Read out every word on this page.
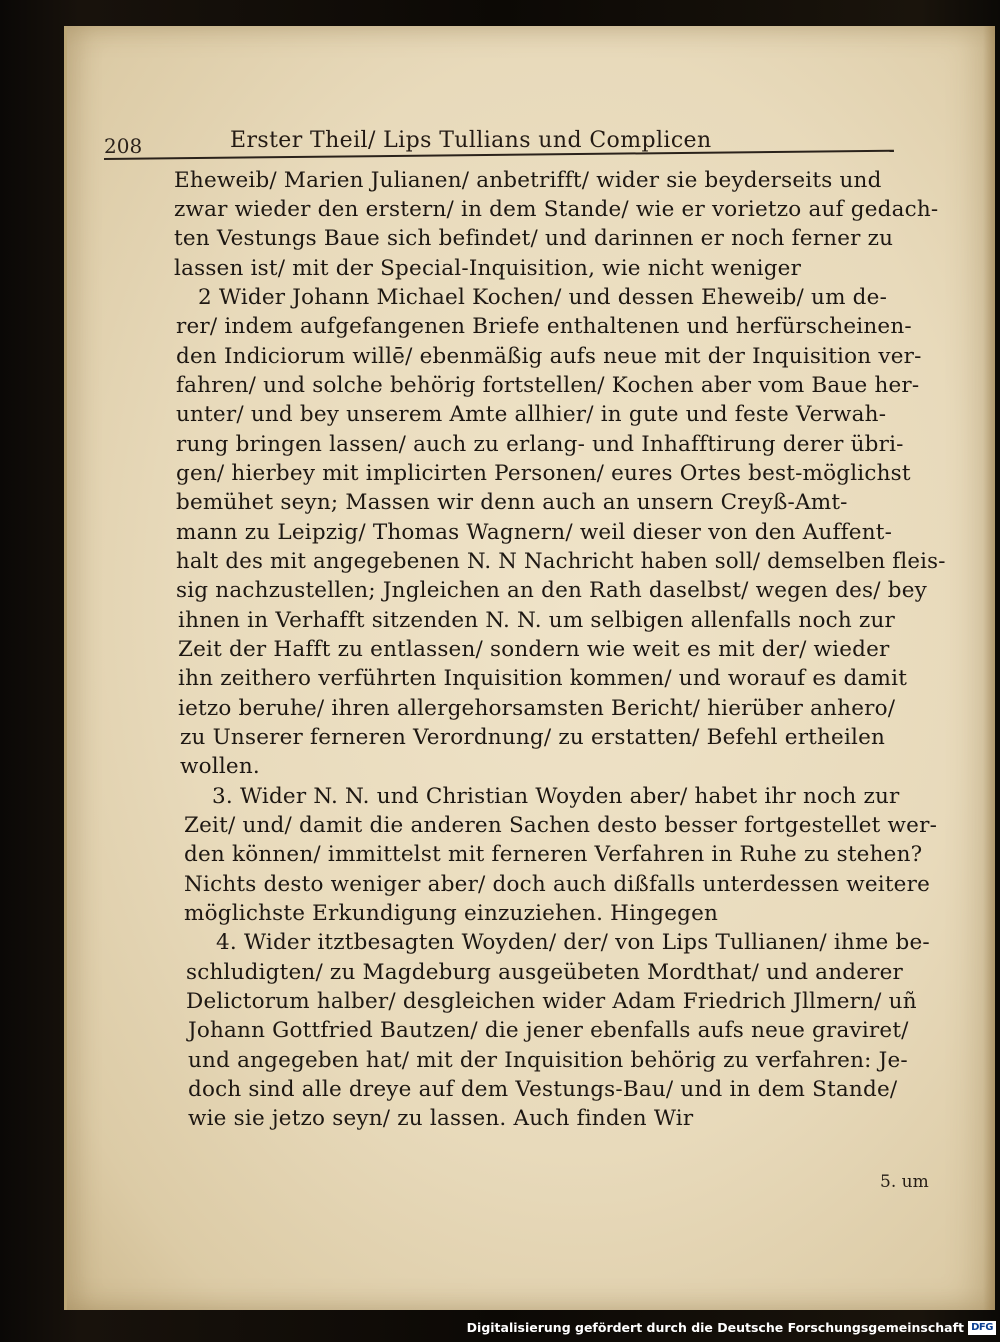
208	Erster Theil/ Lips Tullians und Complicen
Eheweib/ Marien Julianen/ anbetrifft/ wider sie beyderseits und
zwar wieder den erstern/ in dem Stande/ wie er vorietzo auf gedach-
ten Vestungs Baue sich befindet/ und darinnen er noch ferner zu
lassen ist/ mit der Special-Inquisition, wie nicht weniger
2 Wider Johann Michael Kochen/ und dessen Eheweib/ um de-
rer/ indem aufgefangenen Briefe enthaltenen und herfürscheinen-
den Indiciorum willē/ ebenmäßig aufs neue mit der Inquisition ver-
fahren/ und solche behörig fortstellen/ Kochen aber vom Baue her-
unter/ und bey unserem Amte allhier/ in gute und feste Verwah-
rung bringen lassen/ auch zu erlang- und Inhafftirung derer übri-
gen/ hierbey mit implicirten Personen/ eures Ortes best-möglichst
bemühet seyn; Massen wir denn auch an unsern Creyß-Amt-
mann zu Leipzig/ Thomas Wagnern/ weil dieser von den Auffent-
halt des mit angegebenen N. N Nachricht haben soll/ demselben fleis-
sig nachzustellen; Jngleichen an den Rath daselbst/ wegen des/ bey
ihnen in Verhafft sitzenden N. N. um selbigen allenfalls noch zur
Zeit der Hafft zu entlassen/ sondern wie weit es mit der/ wieder
ihn zeithero verführten Inquisition kommen/ und worauf es damit
ietzo beruhe/ ihren allergehorsamsten Bericht/ hierüber anhero/
zu Unserer ferneren Verordnung/ zu erstatten/ Befehl ertheilen
wollen.
3. Wider N. N. und Christian Woyden aber/ habet ihr noch zur
Zeit/ und/ damit die anderen Sachen desto besser fortgestellet wer-
den können/ immittelst mit ferneren Verfahren in Ruhe zu stehen?
Nichts desto weniger aber/ doch auch dißfalls unterdessen weitere
möglichste Erkundigung einzuziehen. Hingegen
4. Wider itztbesagten Woyden/ der/ von Lips Tullianen/ ihme be-
schludigten/ zu Magdeburg ausgeübeten Mordthat/ und anderer
Delictorum halber/ desgleichen wider Adam Friedrich Jllmern/ uñ
Johann Gottfried Bautzen/ die jener ebenfalls aufs neue graviret/
und angegeben hat/ mit der Inquisition behörig zu verfahren: Je-
doch sind alle dreye auf dem Vestungs-Bau/ und in dem Stande/
wie sie jetzo seyn/ zu lassen. Auch finden Wir
5. um
Digitalisierung gefördert durch die Deutsche Forschungsgemeinschaft DFG
